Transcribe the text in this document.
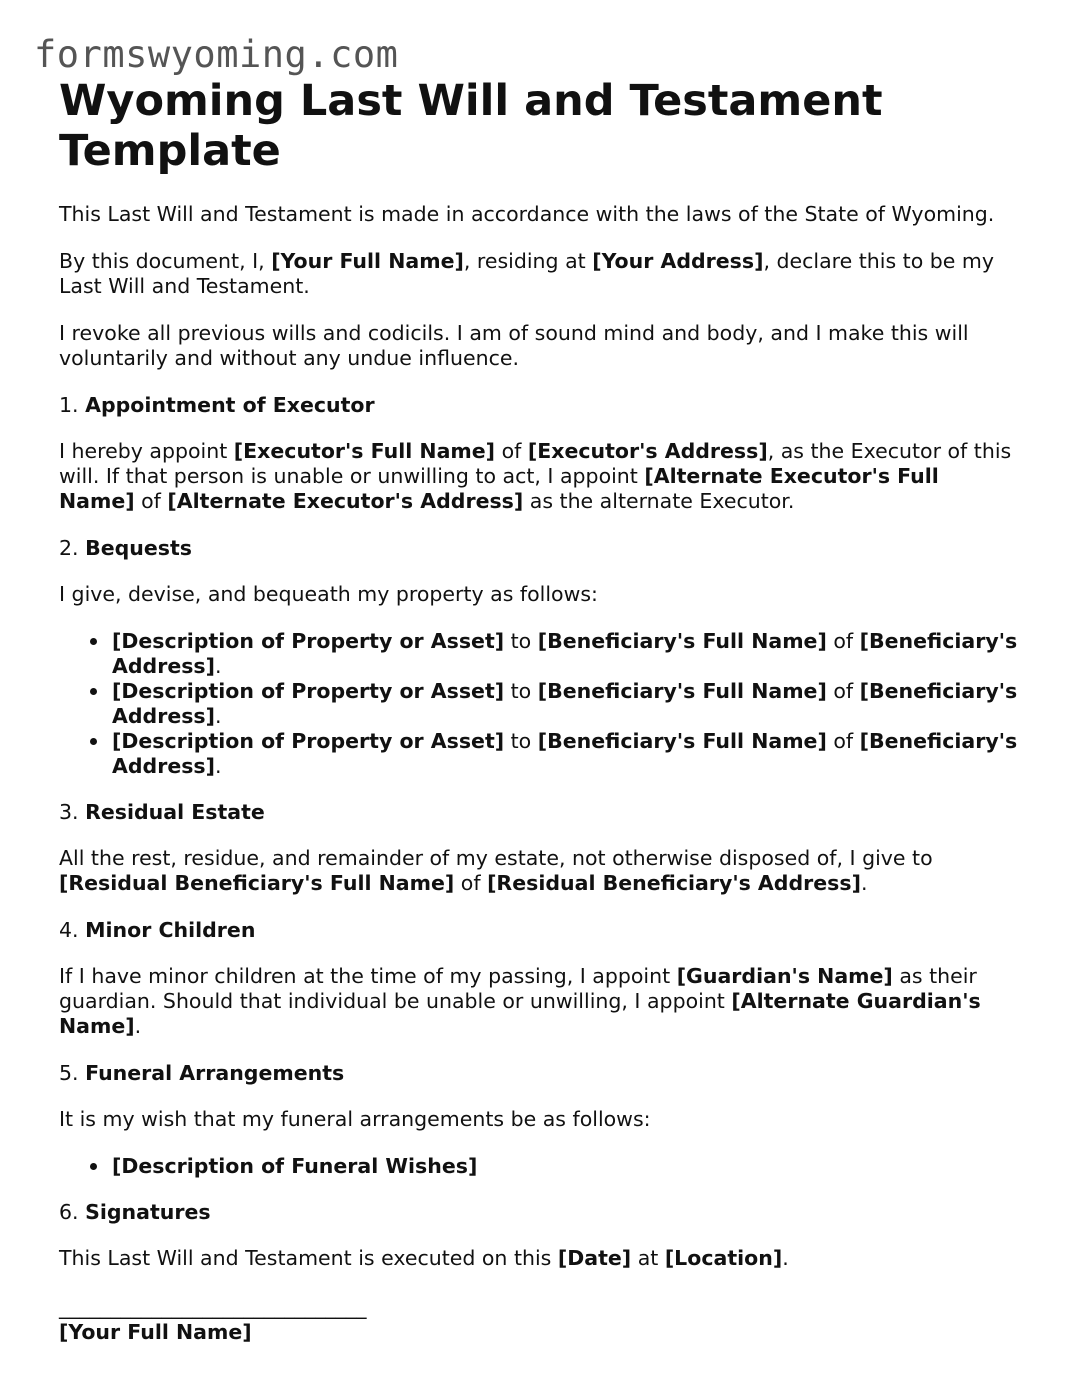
formswyoming.com
Wyoming Last Will and Testament Template

This Last Will and Testament is made in accordance with the laws of the State of Wyoming.

By this document, I, [Your Full Name], residing at [Your Address], declare this to be my Last Will and Testament.

I revoke all previous wills and codicils. I am of sound mind and body, and I make this will voluntarily and without any undue influence.

1. Appointment of Executor

I hereby appoint [Executor's Full Name] of [Executor's Address], as the Executor of this will. If that person is unable or unwilling to act, I appoint [Alternate Executor's Full Name] of [Alternate Executor's Address] as the alternate Executor.

2. Bequests

I give, devise, and bequeath my property as follows:

[Description of Property or Asset] to [Beneficiary's Full Name] of [Beneficiary's Address].
[Description of Property or Asset] to [Beneficiary's Full Name] of [Beneficiary's Address].
[Description of Property or Asset] to [Beneficiary's Full Name] of [Beneficiary's Address].

3. Residual Estate

All the rest, residue, and remainder of my estate, not otherwise disposed of, I give to [Residual Beneficiary's Full Name] of [Residual Beneficiary's Address].

4. Minor Children

If I have minor children at the time of my passing, I appoint [Guardian's Name] as their guardian. Should that individual be unable or unwilling, I appoint [Alternate Guardian's Name].

5. Funeral Arrangements

It is my wish that my funeral arrangements be as follows:

[Description of Funeral Wishes]

6. Signatures

This Last Will and Testament is executed on this [Date] at [Location].

______________________________

[Your Full Name]
